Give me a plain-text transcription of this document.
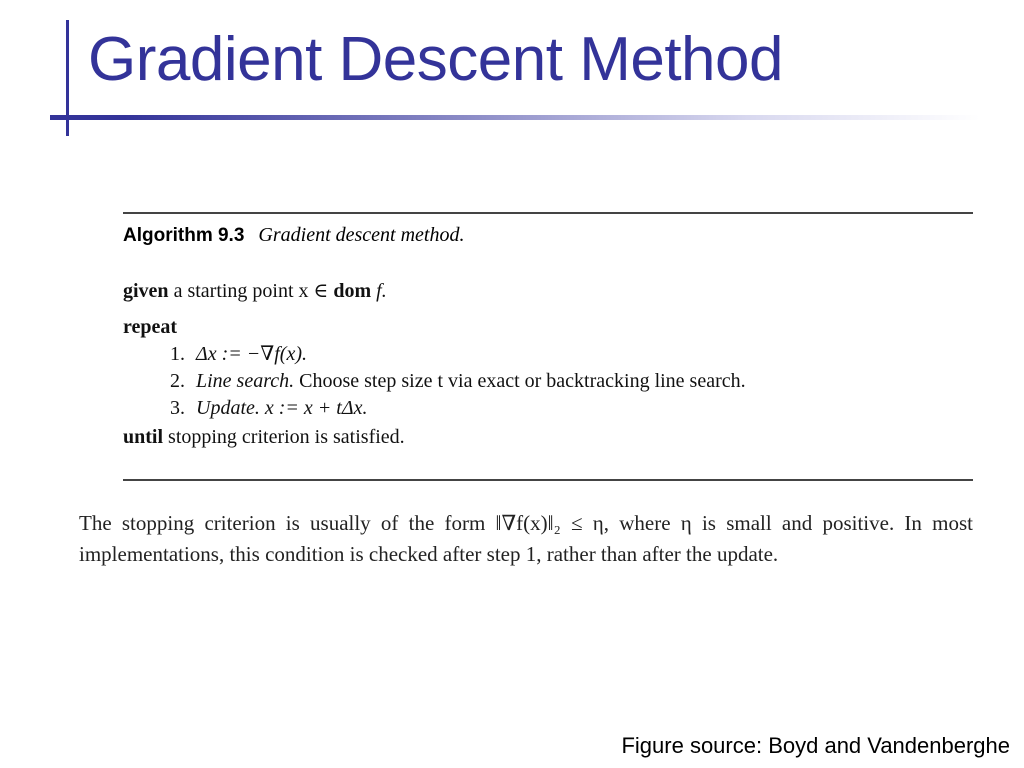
Gradient Descent Method
Algorithm 9.3 Gradient descent method.
given a starting point x ∈ dom f.
repeat
1. Δx := −∇f(x).
2. Line search. Choose step size t via exact or backtracking line search.
3. Update. x := x + tΔx.
until stopping criterion is satisfied.

The stopping criterion is usually of the form ‖∇f(x)‖₂ ≤ η, where η is small and positive. In most implementations, this condition is checked after step 1, rather than after the update.

Figure source: Boyd and Vandenberghe
